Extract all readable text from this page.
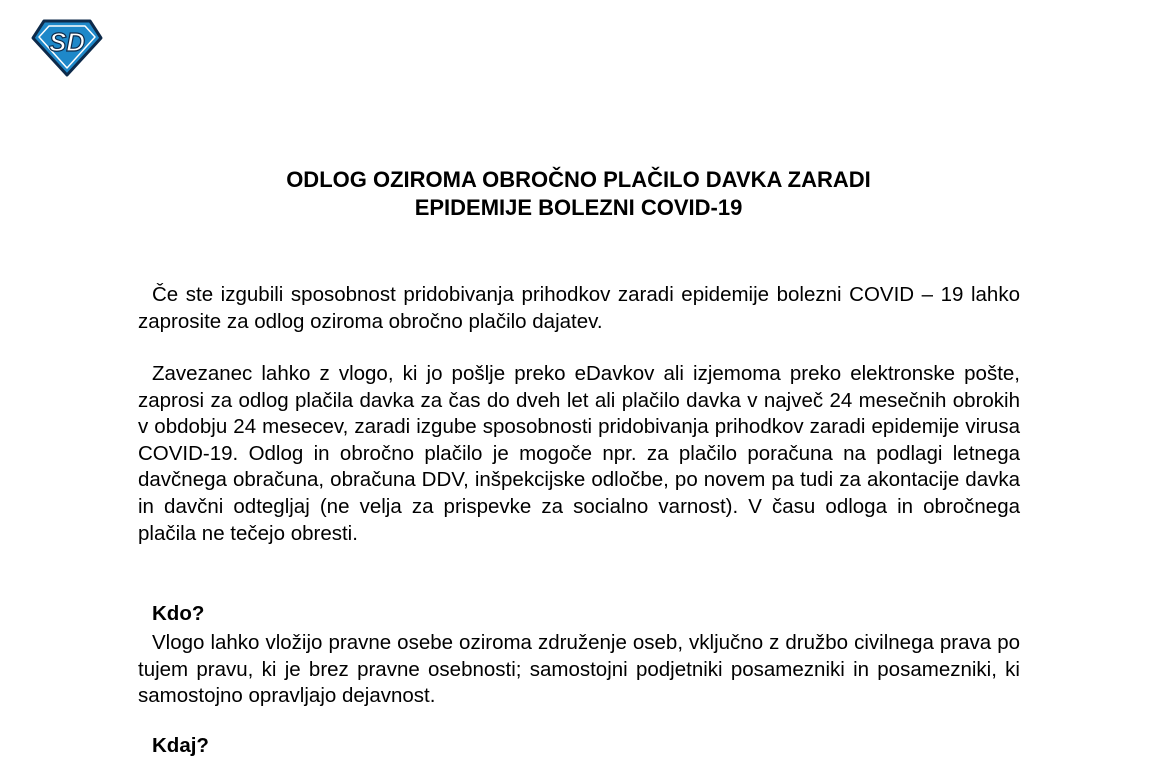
SD
ODLOG OZIROMA OBROČNO PLAČILO DAVKA ZARADI
EPIDEMIJE BOLEZNI COVID-19
Če ste izgubili sposobnost pridobivanja prihodkov zaradi epidemije bolezni COVID – 19 lahko zaprosite za odlog oziroma obročno plačilo dajatev.
Zavezanec lahko z vlogo, ki jo pošlje preko eDavkov ali izjemoma preko elektronske pošte, zaprosi za odlog plačila davka za čas do dveh let ali plačilo davka v največ 24 mesečnih obrokih v obdobju 24 mesecev, zaradi izgube sposobnosti pridobivanja prihodkov zaradi epidemije virusa COVID-19. Odlog in obročno plačilo je mogoče npr. za plačilo poračuna na podlagi letnega davčnega obračuna, obračuna DDV, inšpekcijske odločbe, po novem pa tudi za akontacije davka in davčni odtegljaj (ne velja za prispevke za socialno varnost). V času odloga in obročnega plačila ne tečejo obresti.
Kdo?
Vlogo lahko vložijo pravne osebe oziroma združenje oseb, vključno z družbo civilnega prava po tujem pravu, ki je brez pravne osebnosti; samostojni podjetniki posamezniki in posamezniki, ki samostojno opravljajo dejavnost.
Kdaj?
